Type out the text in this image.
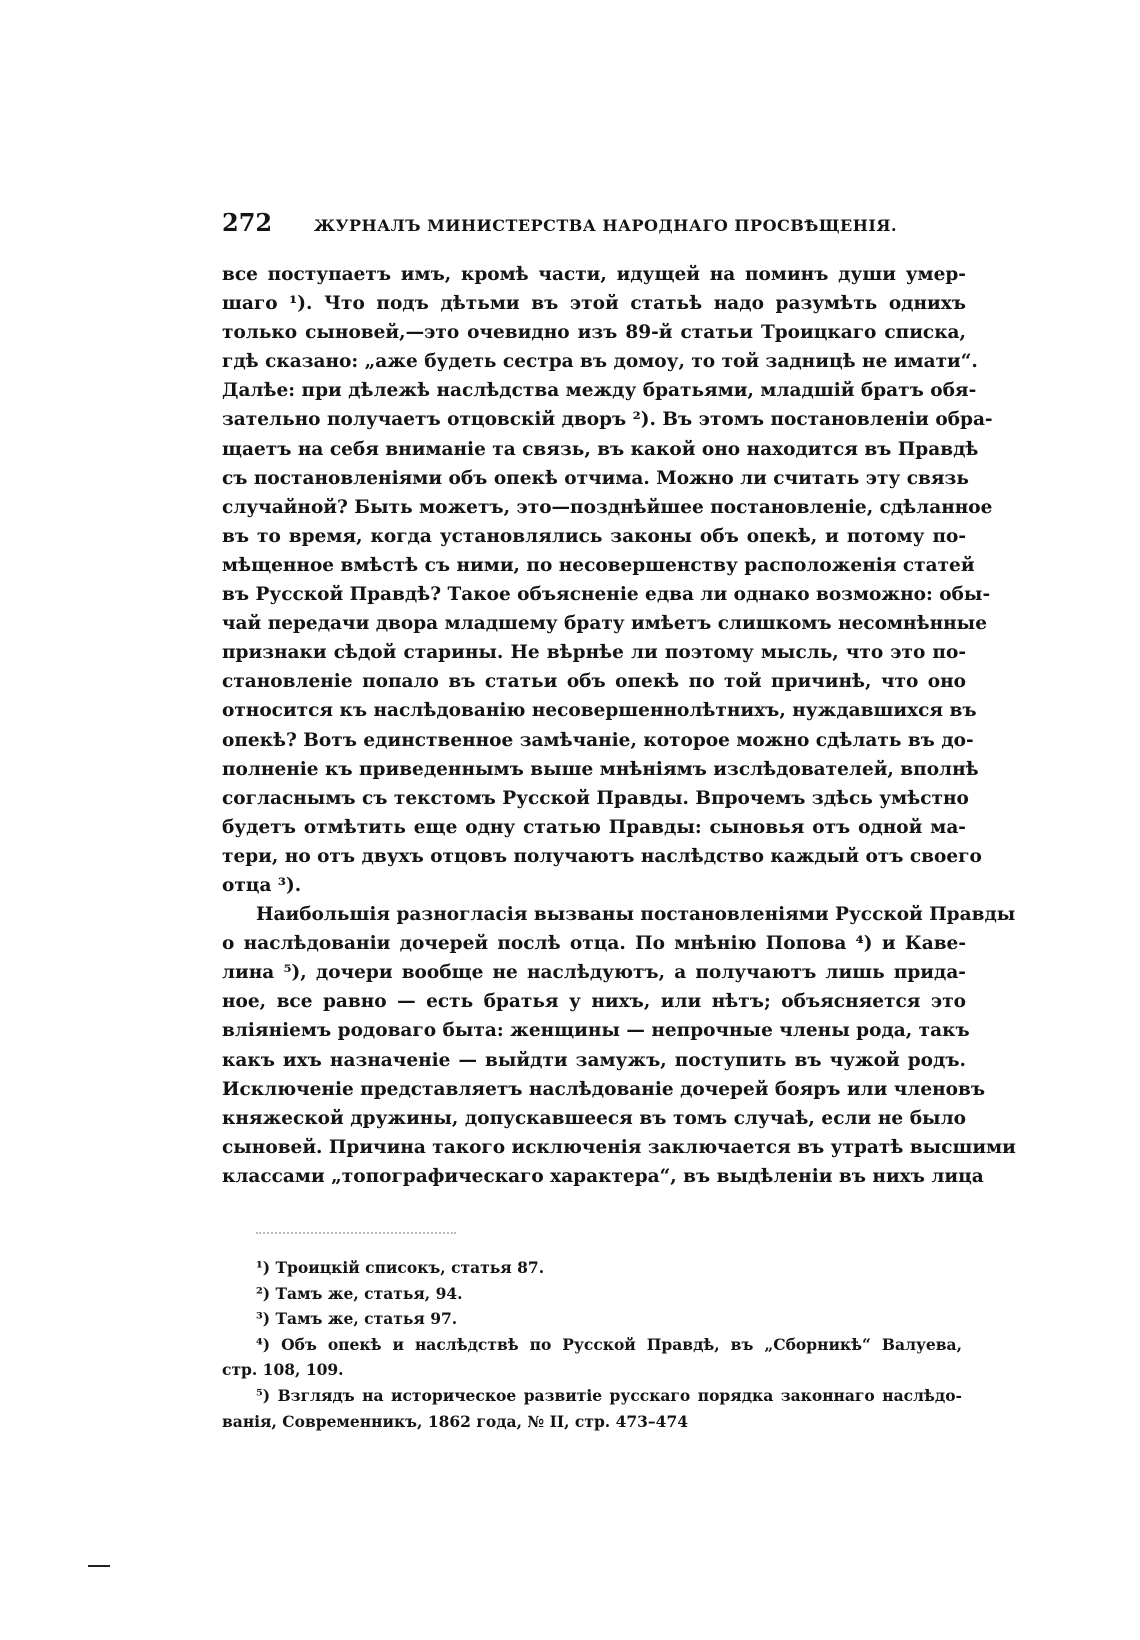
272	ЖУРНАЛЪ МИНИСТЕРСТВА НАРОДНАГО ПРОСВѢЩЕНІЯ.
все поступаетъ имъ, кромѣ части, идущей на поминъ души умер-
шаго ¹). Что подъ дѣтьми въ этой статьѣ надо разумѣть однихъ
только сыновей,—это очевидно изъ 89-й статьи Троицкаго списка,
гдѣ сказано: „аже будеть сестра въ домоу, то той задницѣ не имати“.
Далѣе: при дѣлежѣ наслѣдства между братьями, младшій братъ обя-
зательно получаетъ отцовскій дворъ ²). Въ этомъ постановленіи обра-
щаетъ на себя вниманіе та связь, въ какой оно находится въ Правдѣ
съ постановленіями объ опекѣ отчима. Можно ли считать эту связь
случайной? Быть можетъ, это—позднѣйшее постановленіе, сдѣланное
въ то время, когда установлялись законы объ опекѣ, и потому по-
мѣщенное вмѣстѣ съ ними, по несовершенству расположенія статей
въ Русской Правдѣ? Такое объясненіе едва ли однако возможно: обы-
чай передачи двора младшему брату имѣетъ слишкомъ несомнѣнные
признаки сѣдой старины. Не вѣрнѣе ли поэтому мысль, что это по-
становленіе попало въ статьи объ опекѣ по той причинѣ, что оно
относится къ наслѣдованію несовершеннолѣтнихъ, нуждавшихся въ
опекѣ? Вотъ единственное замѣчаніе, которое можно сдѣлать въ до-
полненіе къ приведеннымъ выше мнѣніямъ изслѣдователей, вполнѣ
согласнымъ съ текстомъ Русской Правды. Впрочемъ здѣсь умѣстно
будетъ отмѣтить еще одну статью Правды: сыновья отъ одной ма-
тери, но отъ двухъ отцовъ получаютъ наслѣдство каждый отъ своего
отца ³).
Наибольшія разногласія вызваны постановленіями Русской Правды
о наслѣдованіи дочерей послѣ отца. По мнѣнію Попова ⁴) и Каве-
лина ⁵), дочери вообще не наслѣдуютъ, а получаютъ лишь прида-
ное, все равно — есть братья у нихъ, или нѣтъ; объясняется это
вліяніемъ родоваго быта: женщины — непрочные члены рода, такъ
какъ ихъ назначеніе — выйдти замужъ, поступить въ чужой родъ.
Исключеніе представляетъ наслѣдованіе дочерей бояръ или членовъ
княжеской дружины, допускавшееся въ томъ случаѣ, если не было
сыновей. Причина такого исключенія заключается въ утратѣ высшими
классами „топографическаго характера“, въ выдѣленіи въ нихъ лица
¹) Троицкій списокъ, статья 87.
²) Тамъ же, статья, 94.
³) Тамъ же, статья 97.
⁴) Объ опекѣ и наслѣдствѣ по Русской Правдѣ, въ „Сборникѣ“ Валуева,
стр. 108, 109.
⁵) Взглядъ на историческое развитіе русскаго порядка законнаго наслѣдо-
ванія, Современникъ, 1862 года, № II, стр. 473–474
